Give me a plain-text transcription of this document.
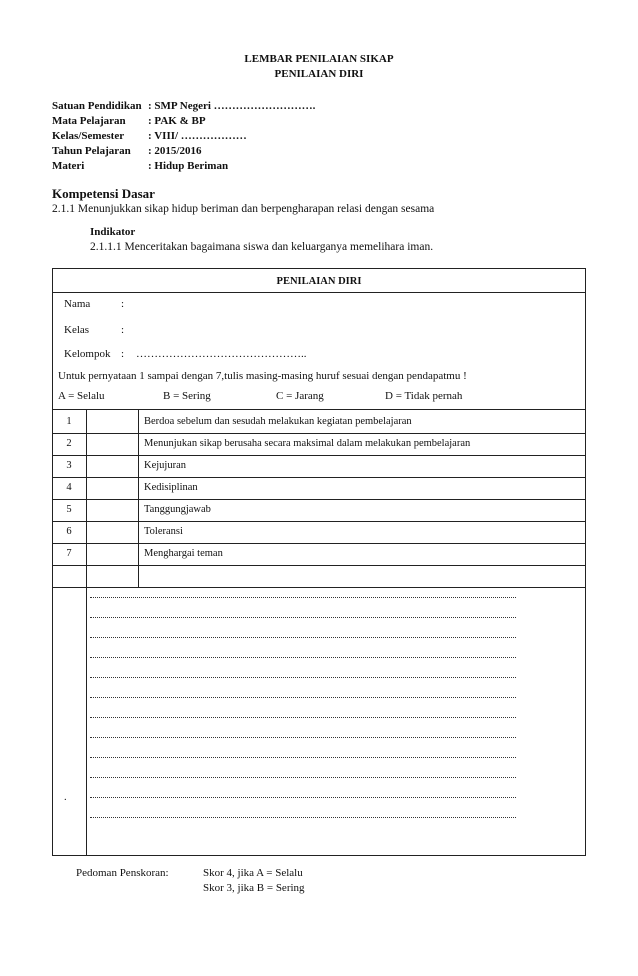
LEMBAR PENILAIAN SIKAP
PENILAIAN DIRI
Satuan Pendidikan : SMP Negeri ……………………….
Mata Pelajaran : PAK & BP
Kelas/Semester : VIII/ ………………
Tahun Pelajaran : 2015/2016
Materi	: Hidup Beriman
Kompetensi Dasar
2.1.1 Menunjukkan sikap hidup beriman dan berpengharapan relasi dengan sesama
Indikator
2.1.1.1 Menceritakan bagaimana siswa dan keluarganya memelihara iman.
PENILAIAN DIRI
Nama	:
Kelas	:
Kelompok : ………………………………………..
Untuk pernyataan 1 sampai dengan 7,tulis masing-masing huruf sesuai dengan pendapatmu !
A = Selalu	B = Sering	C = Jarang	D = Tidak pernah
1	Berdoa sebelum dan sesudah melakukan kegiatan pembelajaran
2	Menunjukan sikap berusaha secara maksimal dalam melakukan pembelajaran
3	Kejujuran
4	Kedisiplinan
5	Tanggungjawab
6	Toleransi
7	Menghargai teman
.
Pedoman Penskoran:	Skor 4, jika A = Selalu
Skor 3, jika B = Sering
